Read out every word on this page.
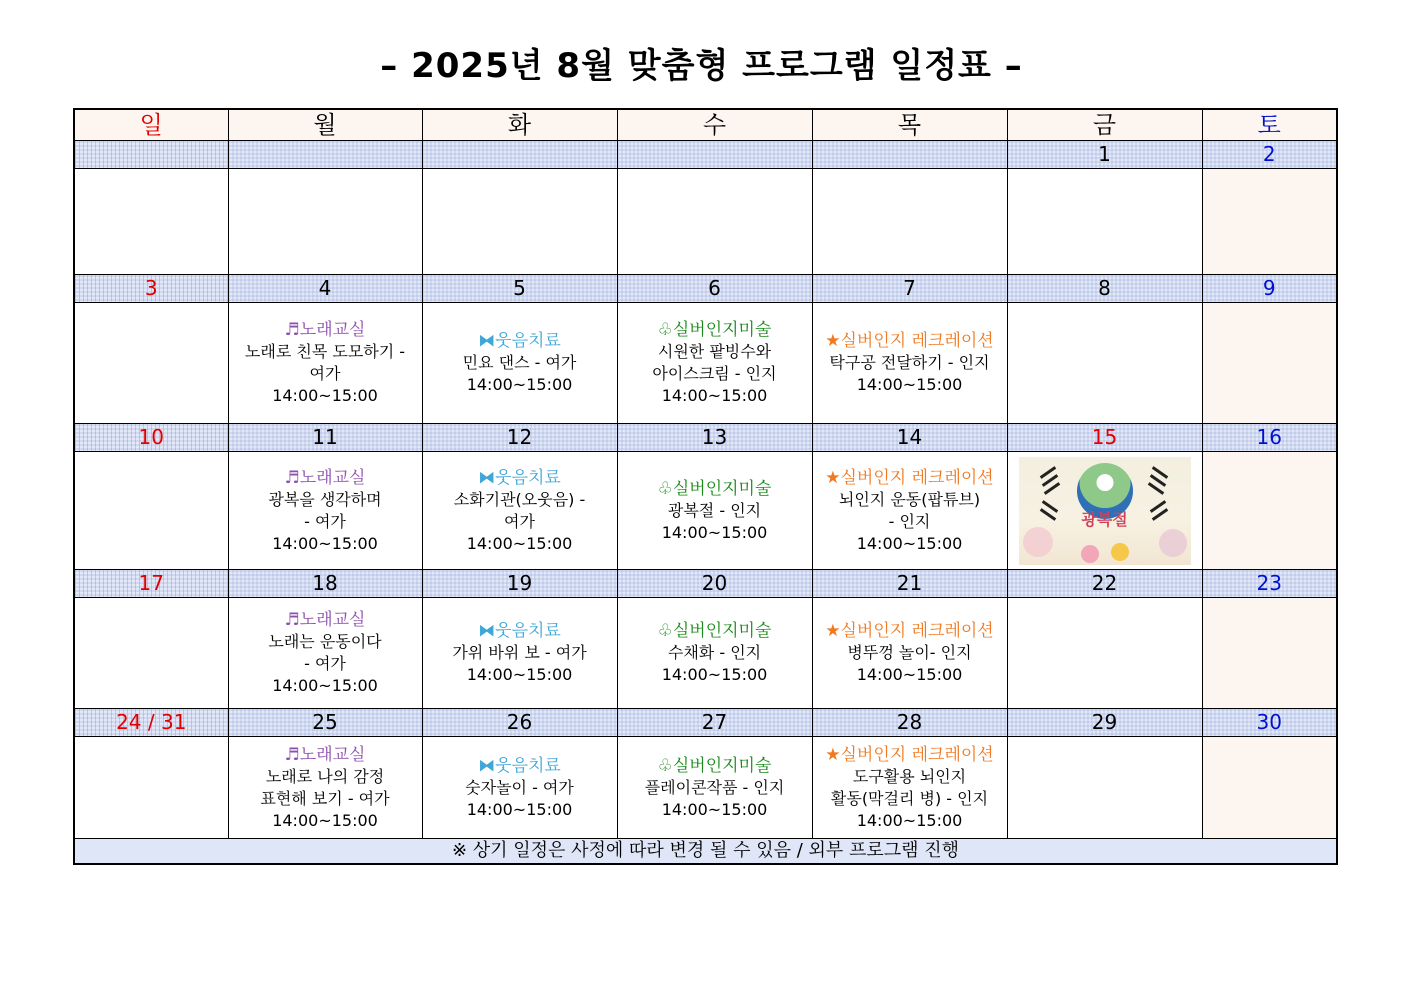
– 2025년 8월 맞춤형 프로그램 일정표 –
일	월	화	수	목	금	토
					1	2

3	4	5	6	7	8	9

	♬노래교실
노래로 친목 도모하기 -
여가
14:00~15:00	⧓웃음치료
민요 댄스 - 여가
14:00~15:00	♧실버인지미술
시원한 팥빙수와
아이스크림 - 인지
14:00~15:00	★실버인지 레크레이션
탁구공 전달하기 - 인지
14:00~15:00		

10	11	12	13	14	15	16

	♬노래교실
광복을 생각하며
- 여가
14:00~15:00	⧓웃음치료
소화기관(오웃음) -
여가
14:00~15:00	♧실버인지미술
광복절 - 인지
14:00~15:00	★실버인지 레크레이션
뇌인지 운동(팝튜브)
- 인지
14:00~15:00	광복절	

17	18	19	20	21	22	23

	♬노래교실
노래는 운동이다
- 여가
14:00~15:00	⧓웃음치료
가위 바위 보 - 여가
14:00~15:00	♧실버인지미술
수채화 - 인지
14:00~15:00	★실버인지 레크레이션
병뚜껑 놀이- 인지
14:00~15:00		

24 / 31	25	26	27	28	29	30

	♬노래교실
노래로 나의 감정
표현해 보기 - 여가
14:00~15:00	⧓웃음치료
숫자놀이 - 여가
14:00~15:00	♧실버인지미술
플레이콘작품 - 인지
14:00~15:00	★실버인지 레크레이션
도구활용 뇌인지
활동(막걸리 병) - 인지
14:00~15:00		

※ 상기 일정은 사정에 따라 변경 될 수 있음 / 외부 프로그램 진행						
